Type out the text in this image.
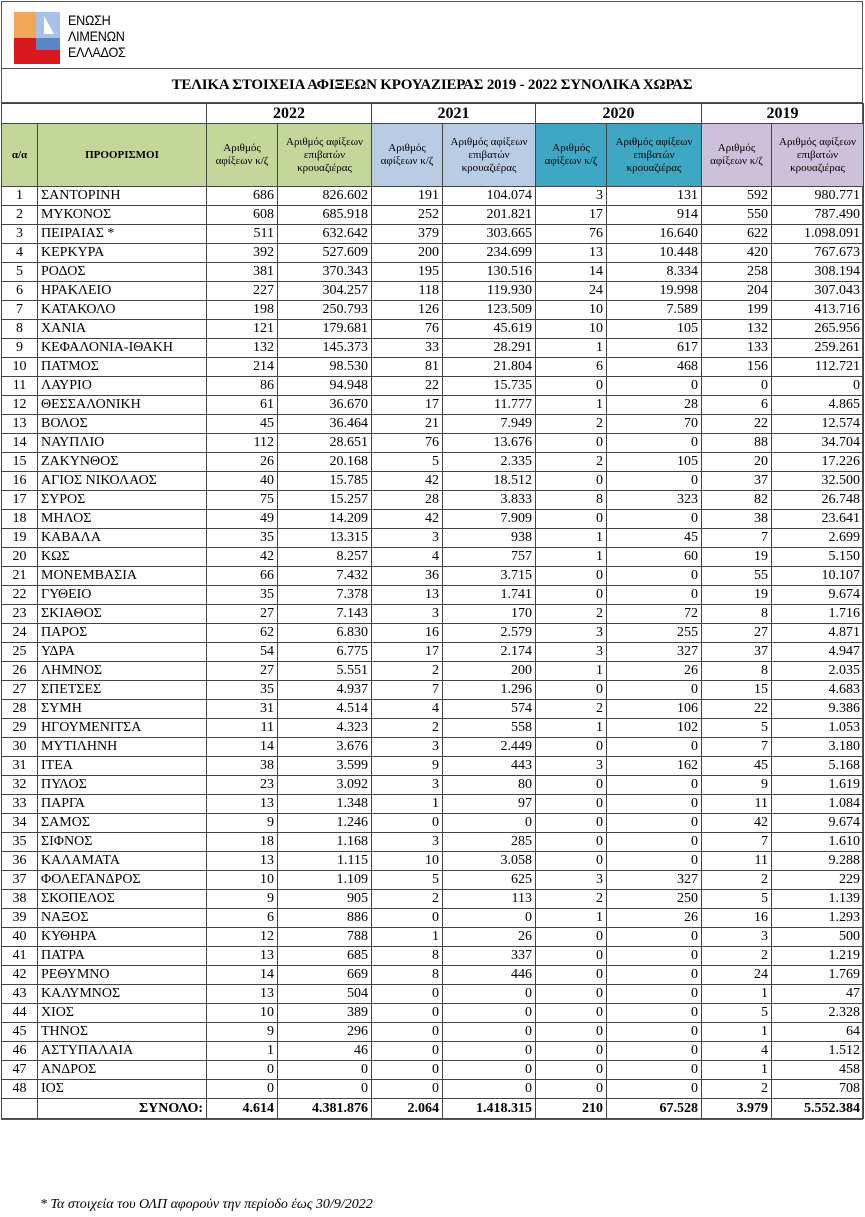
ΕΝΩΣΗ
ΛΙΜΕΝΩΝ
ΕΛΛΑΔΟΣ
ΤΕΛΙΚΑ ΣΤΟΙΧΕΙΑ ΑΦΙΞΕΩΝ ΚΡΟΥΑΖΙΕΡΑΣ 2019 - 2022 ΣΥΝΟΛΙΚΑ ΧΩΡΑΣ
		2022		2021		2020		2019	
α/α	ΠΡΟΟΡΙΣΜΟΙ	Αριθμός αφίξεων κ/ζ	Αριθμός αφίξεων επιβατών κρουαζιέρας	Αριθμός αφίξεων κ/ζ	Αριθμός αφίξεων επιβατών κρουαζιέρας	Αριθμός αφίξεων κ/ζ	Αριθμός αφίξεων επιβατών κρουαζιέρας	Αριθμός αφίξεων κ/ζ	Αριθμός αφίξεων επιβατών κρουαζιέρας
1	ΣΑΝΤΟΡΙΝΗ	686	826.602	191	104.074	3	131	592	980.771
2	ΜΥΚΟΝΟΣ	608	685.918	252	201.821	17	914	550	787.490
3	ΠΕΙΡΑΙΑΣ *	511	632.642	379	303.665	76	16.640	622	1.098.091
4	ΚΕΡΚΥΡΑ	392	527.609	200	234.699	13	10.448	420	767.673
5	ΡΟΔΟΣ	381	370.343	195	130.516	14	8.334	258	308.194
6	ΗΡΑΚΛΕΙΟ	227	304.257	118	119.930	24	19.998	204	307.043
7	ΚΑΤΑΚΟΛΟ	198	250.793	126	123.509	10	7.589	199	413.716
8	ΧΑΝΙΑ	121	179.681	76	45.619	10	105	132	265.956
9	ΚΕΦΑΛΟΝΙΑ-ΙΘΑΚΗ	132	145.373	33	28.291	1	617	133	259.261
10	ΠΑΤΜΟΣ	214	98.530	81	21.804	6	468	156	112.721
11	ΛΑΥΡΙΟ	86	94.948	22	15.735	0	0	0	0
12	ΘΕΣΣΑΛΟΝΙΚΗ	61	36.670	17	11.777	1	28	6	4.865
13	ΒΟΛΟΣ	45	36.464	21	7.949	2	70	22	12.574
14	ΝΑΥΠΛΙΟ	112	28.651	76	13.676	0	0	88	34.704
15	ΖΑΚΥΝΘΟΣ	26	20.168	5	2.335	2	105	20	17.226
16	ΑΓΙΟΣ ΝΙΚΟΛΑΟΣ	40	15.785	42	18.512	0	0	37	32.500
17	ΣΥΡΟΣ	75	15.257	28	3.833	8	323	82	26.748
18	ΜΗΛΟΣ	49	14.209	42	7.909	0	0	38	23.641
19	ΚΑΒΑΛΑ	35	13.315	3	938	1	45	7	2.699
20	ΚΩΣ	42	8.257	4	757	1	60	19	5.150
21	ΜΟΝΕΜΒΑΣΙΑ	66	7.432	36	3.715	0	0	55	10.107
22	ΓΥΘΕΙΟ	35	7.378	13	1.741	0	0	19	9.674
23	ΣΚΙΑΘΟΣ	27	7.143	3	170	2	72	8	1.716
24	ΠΑΡΟΣ	62	6.830	16	2.579	3	255	27	4.871
25	ΥΔΡΑ	54	6.775	17	2.174	3	327	37	4.947
26	ΛΗΜΝΟΣ	27	5.551	2	200	1	26	8	2.035
27	ΣΠΕΤΣΕΣ	35	4.937	7	1.296	0	0	15	4.683
28	ΣΥΜΗ	31	4.514	4	574	2	106	22	9.386
29	ΗΓΟΥΜΕΝΙΤΣΑ	11	4.323	2	558	1	102	5	1.053
30	ΜΥΤΙΛΗΝΗ	14	3.676	3	2.449	0	0	7	3.180
31	ΙΤΕΑ	38	3.599	9	443	3	162	45	5.168
32	ΠΥΛΟΣ	23	3.092	3	80	0	0	9	1.619
33	ΠΑΡΓΑ	13	1.348	1	97	0	0	11	1.084
34	ΣΑΜΟΣ	9	1.246	0	0	0	0	42	9.674
35	ΣΙΦΝΟΣ	18	1.168	3	285	0	0	7	1.610
36	ΚΑΛΑΜΑΤΑ	13	1.115	10	3.058	0	0	11	9.288
37	ΦΟΛΕΓΑΝΔΡΟΣ	10	1.109	5	625	3	327	2	229
38	ΣΚΟΠΕΛΟΣ	9	905	2	113	2	250	5	1.139
39	ΝΑΞΟΣ	6	886	0	0	1	26	16	1.293
40	ΚΥΘΗΡΑ	12	788	1	26	0	0	3	500
41	ΠΑΤΡΑ	13	685	8	337	0	0	2	1.219
42	ΡΕΘΥΜΝΟ	14	669	8	446	0	0	24	1.769
43	ΚΑΛΥΜΝΟΣ	13	504	0	0	0	0	1	47
44	ΧΙΟΣ	10	389	0	0	0	0	5	2.328
45	ΤΗΝΟΣ	9	296	0	0	0	0	1	64
46	ΑΣΤΥΠΑΛΑΙΑ	1	46	0	0	0	0	4	1.512
47	ΑΝΔΡΟΣ	0	0	0	0	0	0	1	458
48	ΙΟΣ	0	0	0	0	0	0	2	708
	ΣΥΝΟΛΟ:	4.614	4.381.876	2.064	1.418.315	210	67.528	3.979	5.552.384
* Τα στοιχεία του ΟΛΠ αφορούν την περίοδο έως 30/9/2022
